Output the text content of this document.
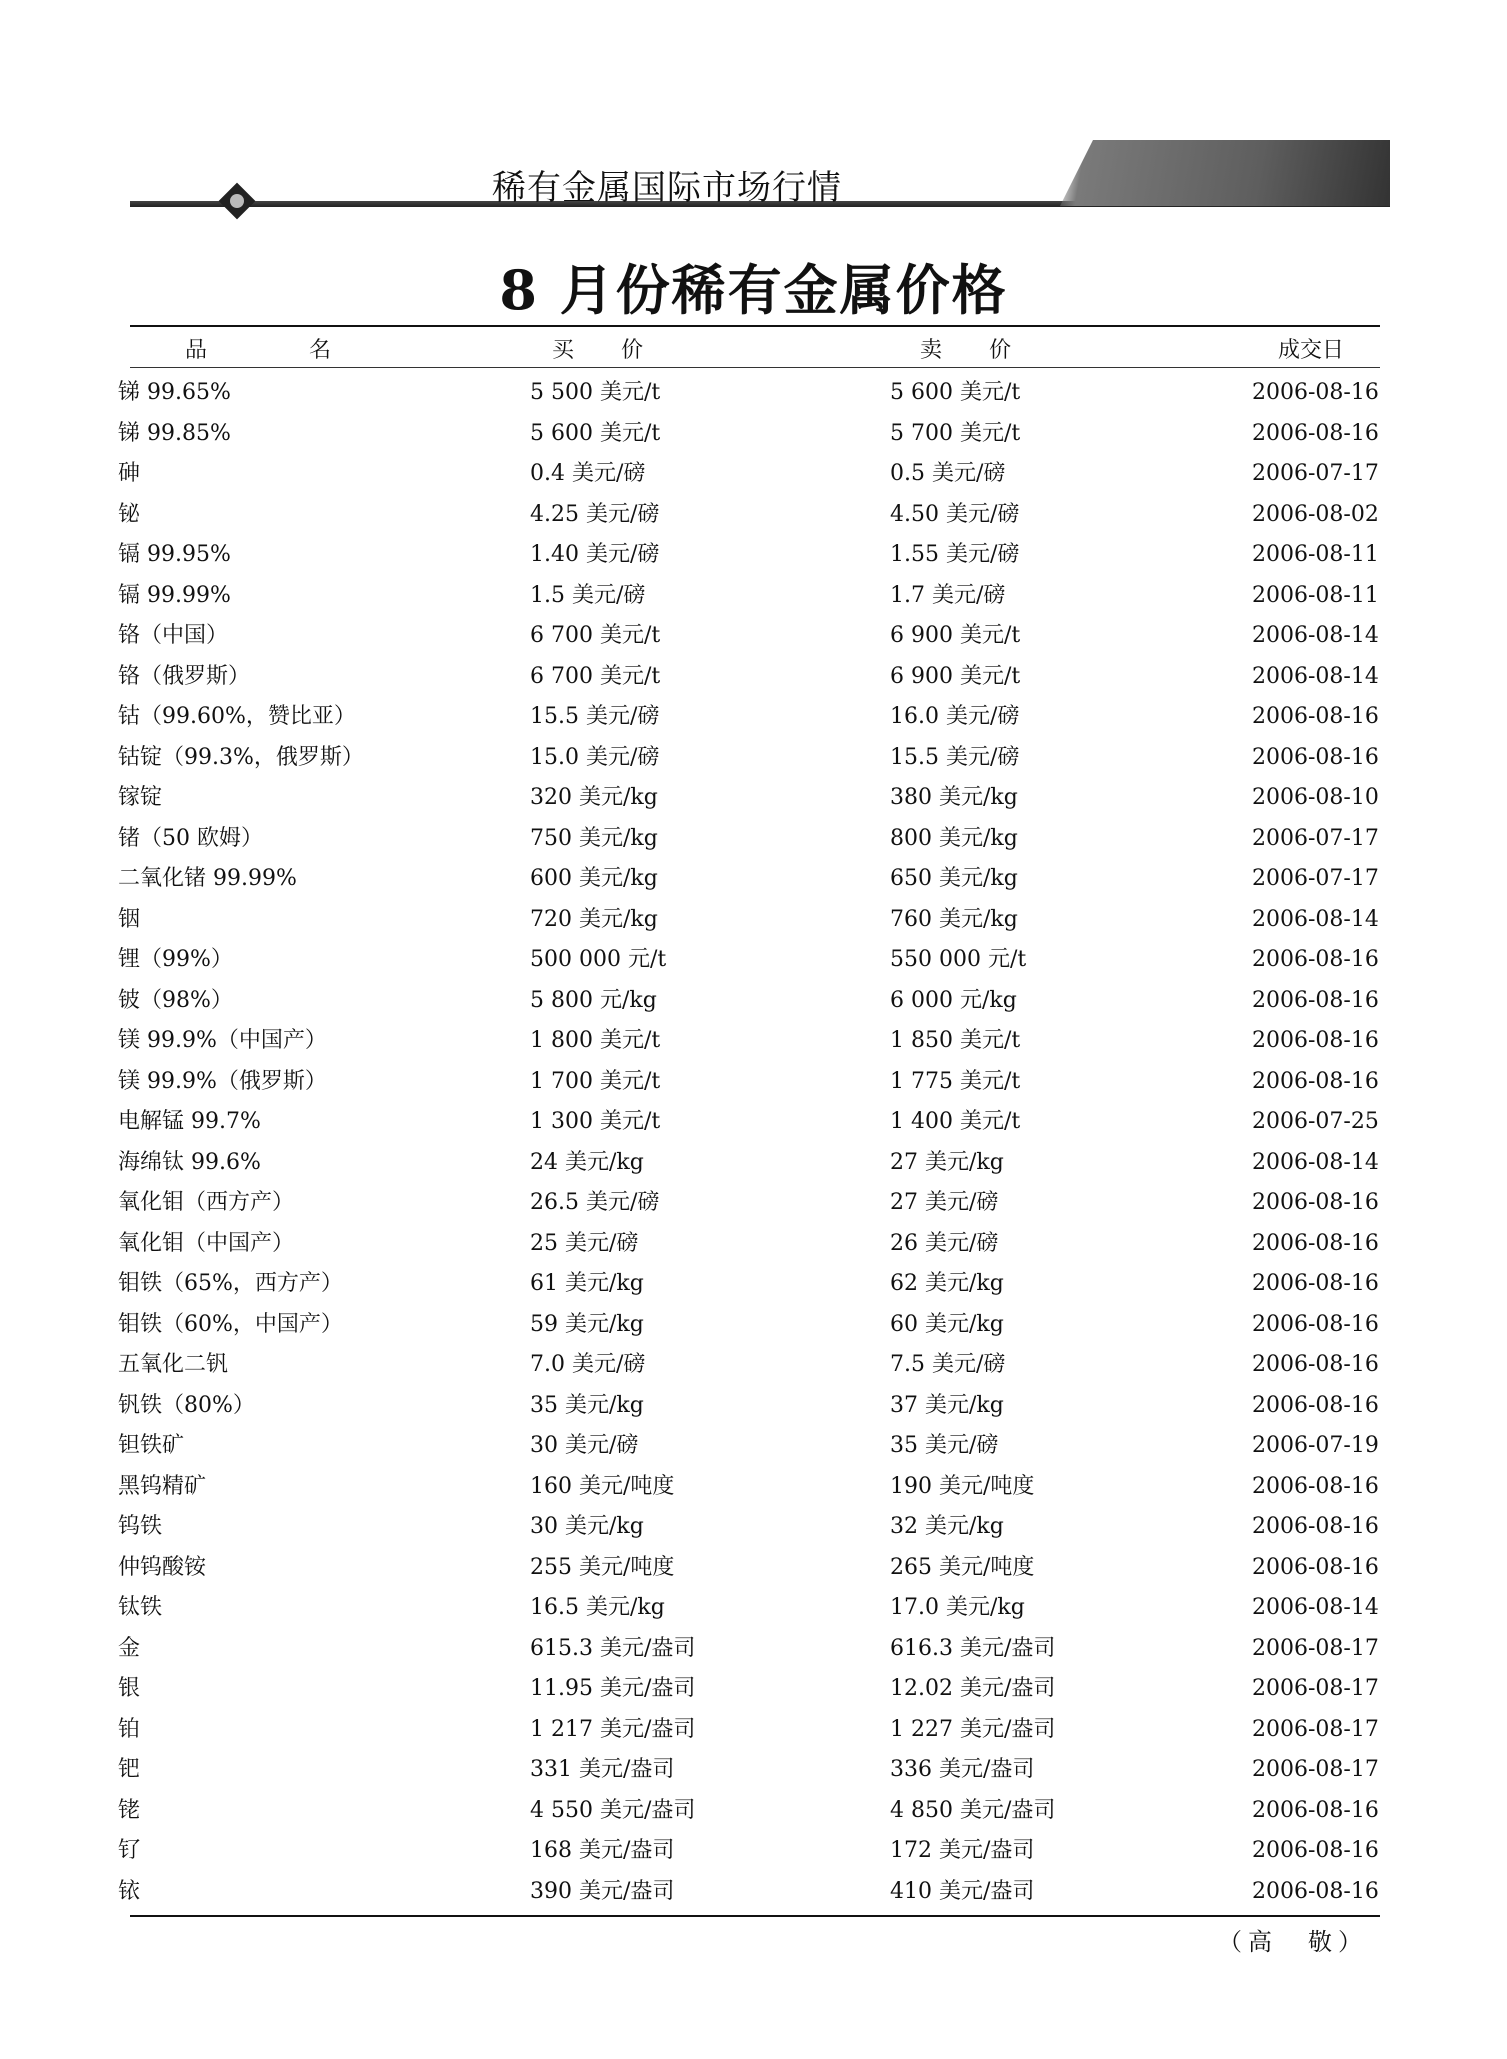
稀有金属国际市场行情
8 月份稀有金属价格
品　名	买 价	卖 价	成交日
锑 99.65%	5 500 美元/t	5 600 美元/t	2006-08-16
锑 99.85%	5 600 美元/t	5 700 美元/t	2006-08-16
砷	0.4 美元/磅	0.5 美元/磅	2006-07-17
铋	4.25 美元/磅	4.50 美元/磅	2006-08-02
镉 99.95%	1.40 美元/磅	1.55 美元/磅	2006-08-11
镉 99.99%	1.5 美元/磅	1.7 美元/磅	2006-08-11
铬（中国）	6 700 美元/t	6 900 美元/t	2006-08-14
铬（俄罗斯）	6 700 美元/t	6 900 美元/t	2006-08-14
钴（99.60%，赞比亚）	15.5 美元/磅	16.0 美元/磅	2006-08-16
钴锭（99.3%，俄罗斯）	15.0 美元/磅	15.5 美元/磅	2006-08-16
镓锭	320 美元/kg	380 美元/kg	2006-08-10
锗（50 欧姆）	750 美元/kg	800 美元/kg	2006-07-17
二氧化锗 99.99%	600 美元/kg	650 美元/kg	2006-07-17
铟	720 美元/kg	760 美元/kg	2006-08-14
锂（99%）	500 000 元/t	550 000 元/t	2006-08-16
铍（98%）	5 800 元/kg	6 000 元/kg	2006-08-16
镁 99.9%（中国产）	1 800 美元/t	1 850 美元/t	2006-08-16
镁 99.9%（俄罗斯）	1 700 美元/t	1 775 美元/t	2006-08-16
电解锰 99.7%	1 300 美元/t	1 400 美元/t	2006-07-25
海绵钛 99.6%	24 美元/kg	27 美元/kg	2006-08-14
氧化钼（西方产）	26.5 美元/磅	27 美元/磅	2006-08-16
氧化钼（中国产）	25 美元/磅	26 美元/磅	2006-08-16
钼铁（65%，西方产）	61 美元/kg	62 美元/kg	2006-08-16
钼铁（60%，中国产）	59 美元/kg	60 美元/kg	2006-08-16
五氧化二钒	7.0 美元/磅	7.5 美元/磅	2006-08-16
钒铁（80%）	35 美元/kg	37 美元/kg	2006-08-16
钽铁矿	30 美元/磅	35 美元/磅	2006-07-19
黑钨精矿	160 美元/吨度	190 美元/吨度	2006-08-16
钨铁	30 美元/kg	32 美元/kg	2006-08-16
仲钨酸铵	255 美元/吨度	265 美元/吨度	2006-08-16
钛铁	16.5 美元/kg	17.0 美元/kg	2006-08-14
金	615.3 美元/盎司	616.3 美元/盎司	2006-08-17
银	11.95 美元/盎司	12.02 美元/盎司	2006-08-17
铂	1 217 美元/盎司	1 227 美元/盎司	2006-08-17
钯	331 美元/盎司	336 美元/盎司	2006-08-17
铑	4 550 美元/盎司	4 850 美元/盎司	2006-08-16
钌	168 美元/盎司	172 美元/盎司	2006-08-16
铱	390 美元/盎司	410 美元/盎司	2006-08-16
（高　敬）
